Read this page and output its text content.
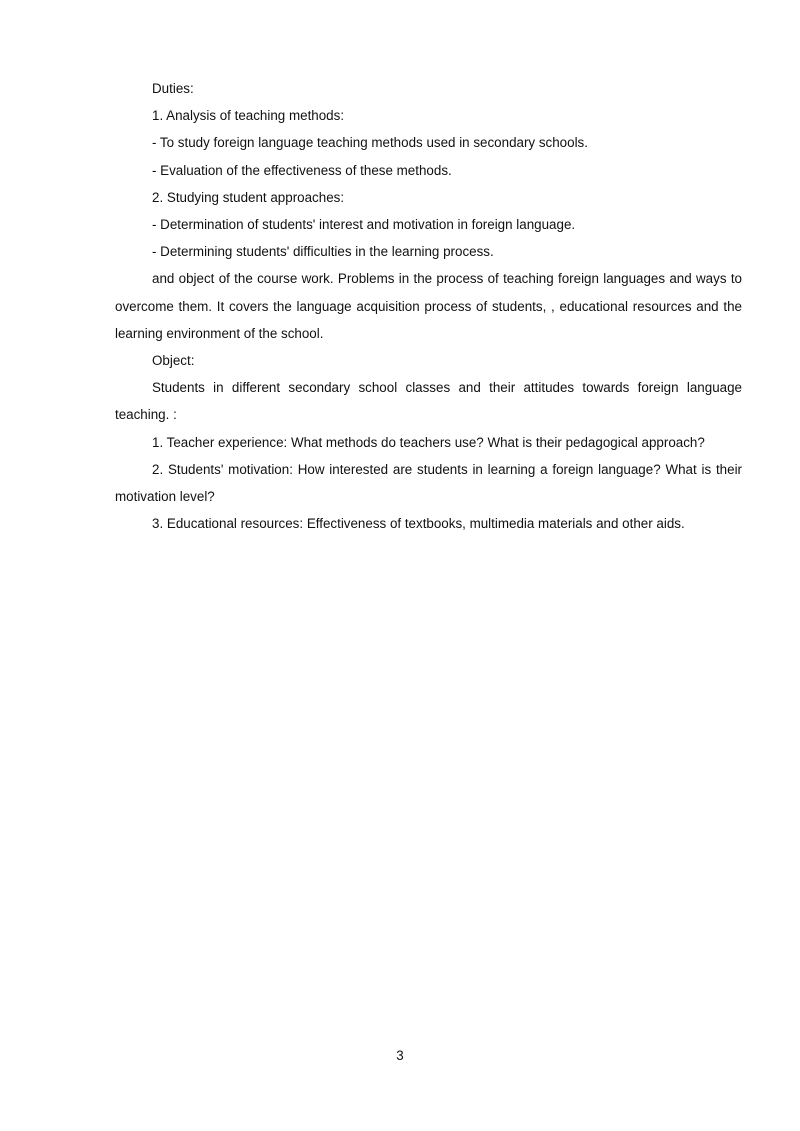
Duties:

1. Analysis of teaching methods:

- To study foreign language teaching methods used in secondary schools.

- Evaluation of the effectiveness of these methods.

2. Studying student approaches:

- Determination of students' interest and motivation in foreign language.

- Determining students' difficulties in the learning process.

and object of the course work. Problems in the process of teaching foreign languages and ways to overcome them. It covers the language acquisition process of students, , educational resources and the learning environment of the school.

Object:

Students in different secondary school classes and their attitudes towards foreign language teaching. :

1. Teacher experience: What methods do teachers use? What is their pedagogical approach?

2. Students' motivation: How interested are students in learning a foreign language? What is their motivation level?

3. Educational resources: Effectiveness of textbooks, multimedia materials and other aids.

3
